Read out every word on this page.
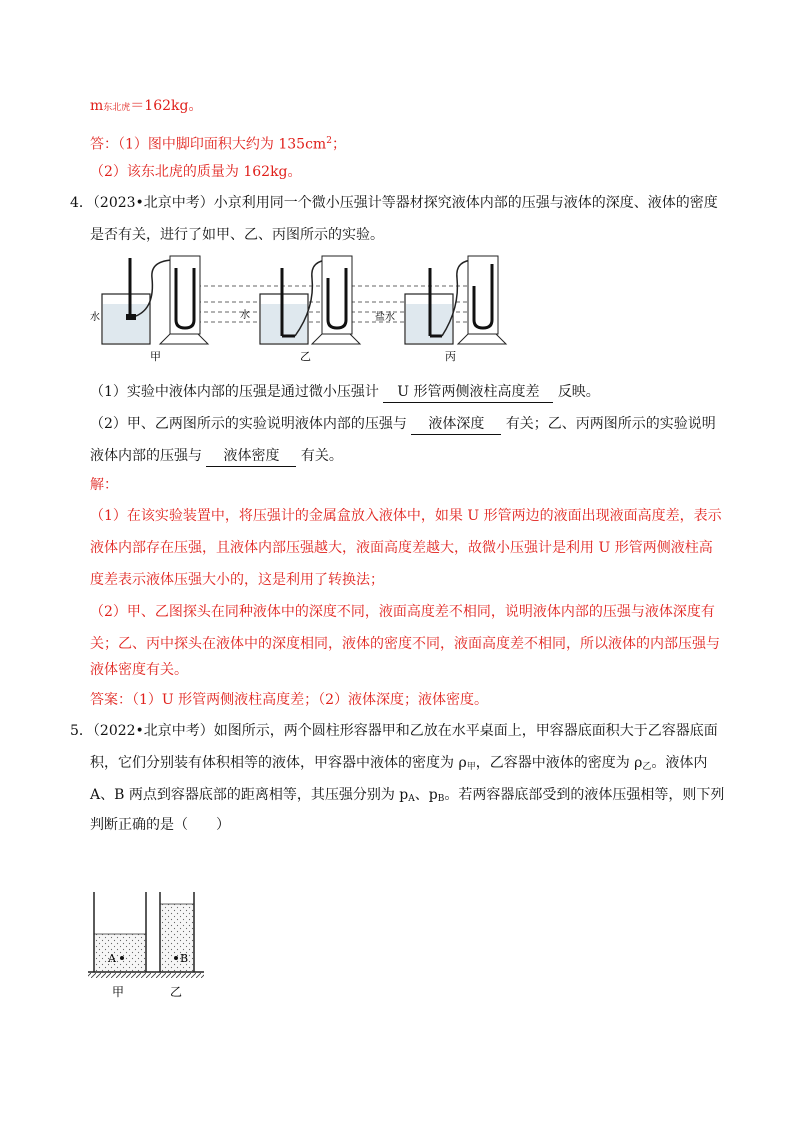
m东北虎＝162kg。
答：（1）图中脚印面积大约为 $135cm^2$；
（2）该东北虎的质量为 162kg。
4．（2023•北京中考）小京利用同一个微小压强计等器材探究液体内部的压强与液体的深度、液体的密度
是否有关，进行了如甲、乙、丙图所示的实验。
水
甲
水
乙
盐水
丙
（1）实验中液体内部的压强是通过微小压强计 U 形管两侧液柱高度差 反映。
（2）甲、乙两图所示的实验说明液体内部的压强与 液体深度 有关；乙、丙两图所示的实验说明
液体内部的压强与 液体密度 有关。
解：
（1）在该实验装置中，将压强计的金属盒放入液体中，如果 U 形管两边的液面出现液面高度差，表示
液体内部存在压强，且液体内部压强越大，液面高度差越大，故微小压强计是利用 U 形管两侧液柱高
度差表示液体压强大小的，这是利用了转换法；
（2）甲、乙图探头在同种液体中的深度不同，液面高度差不相同，说明液体内部的压强与液体深度有
关；乙、丙中探头在液体中的深度相同，液体的密度不同，液面高度差不相同，所以液体的内部压强与
液体密度有关。
答案：（1）U 形管两侧液柱高度差；（2）液体深度；液体密度。
5．（2022•北京中考）如图所示，两个圆柱形容器甲和乙放在水平桌面上，甲容器底面积大于乙容器底面
积，它们分别装有体积相等的液体，甲容器中液体的密度为 ρ甲，乙容器中液体的密度为 ρ乙。液体内
A、B 两点到容器底部的距离相等，其压强分别为 pA、pB。若两容器底部受到的液体压强相等，则下列
判断正确的是（　　）
A	B
甲	乙
